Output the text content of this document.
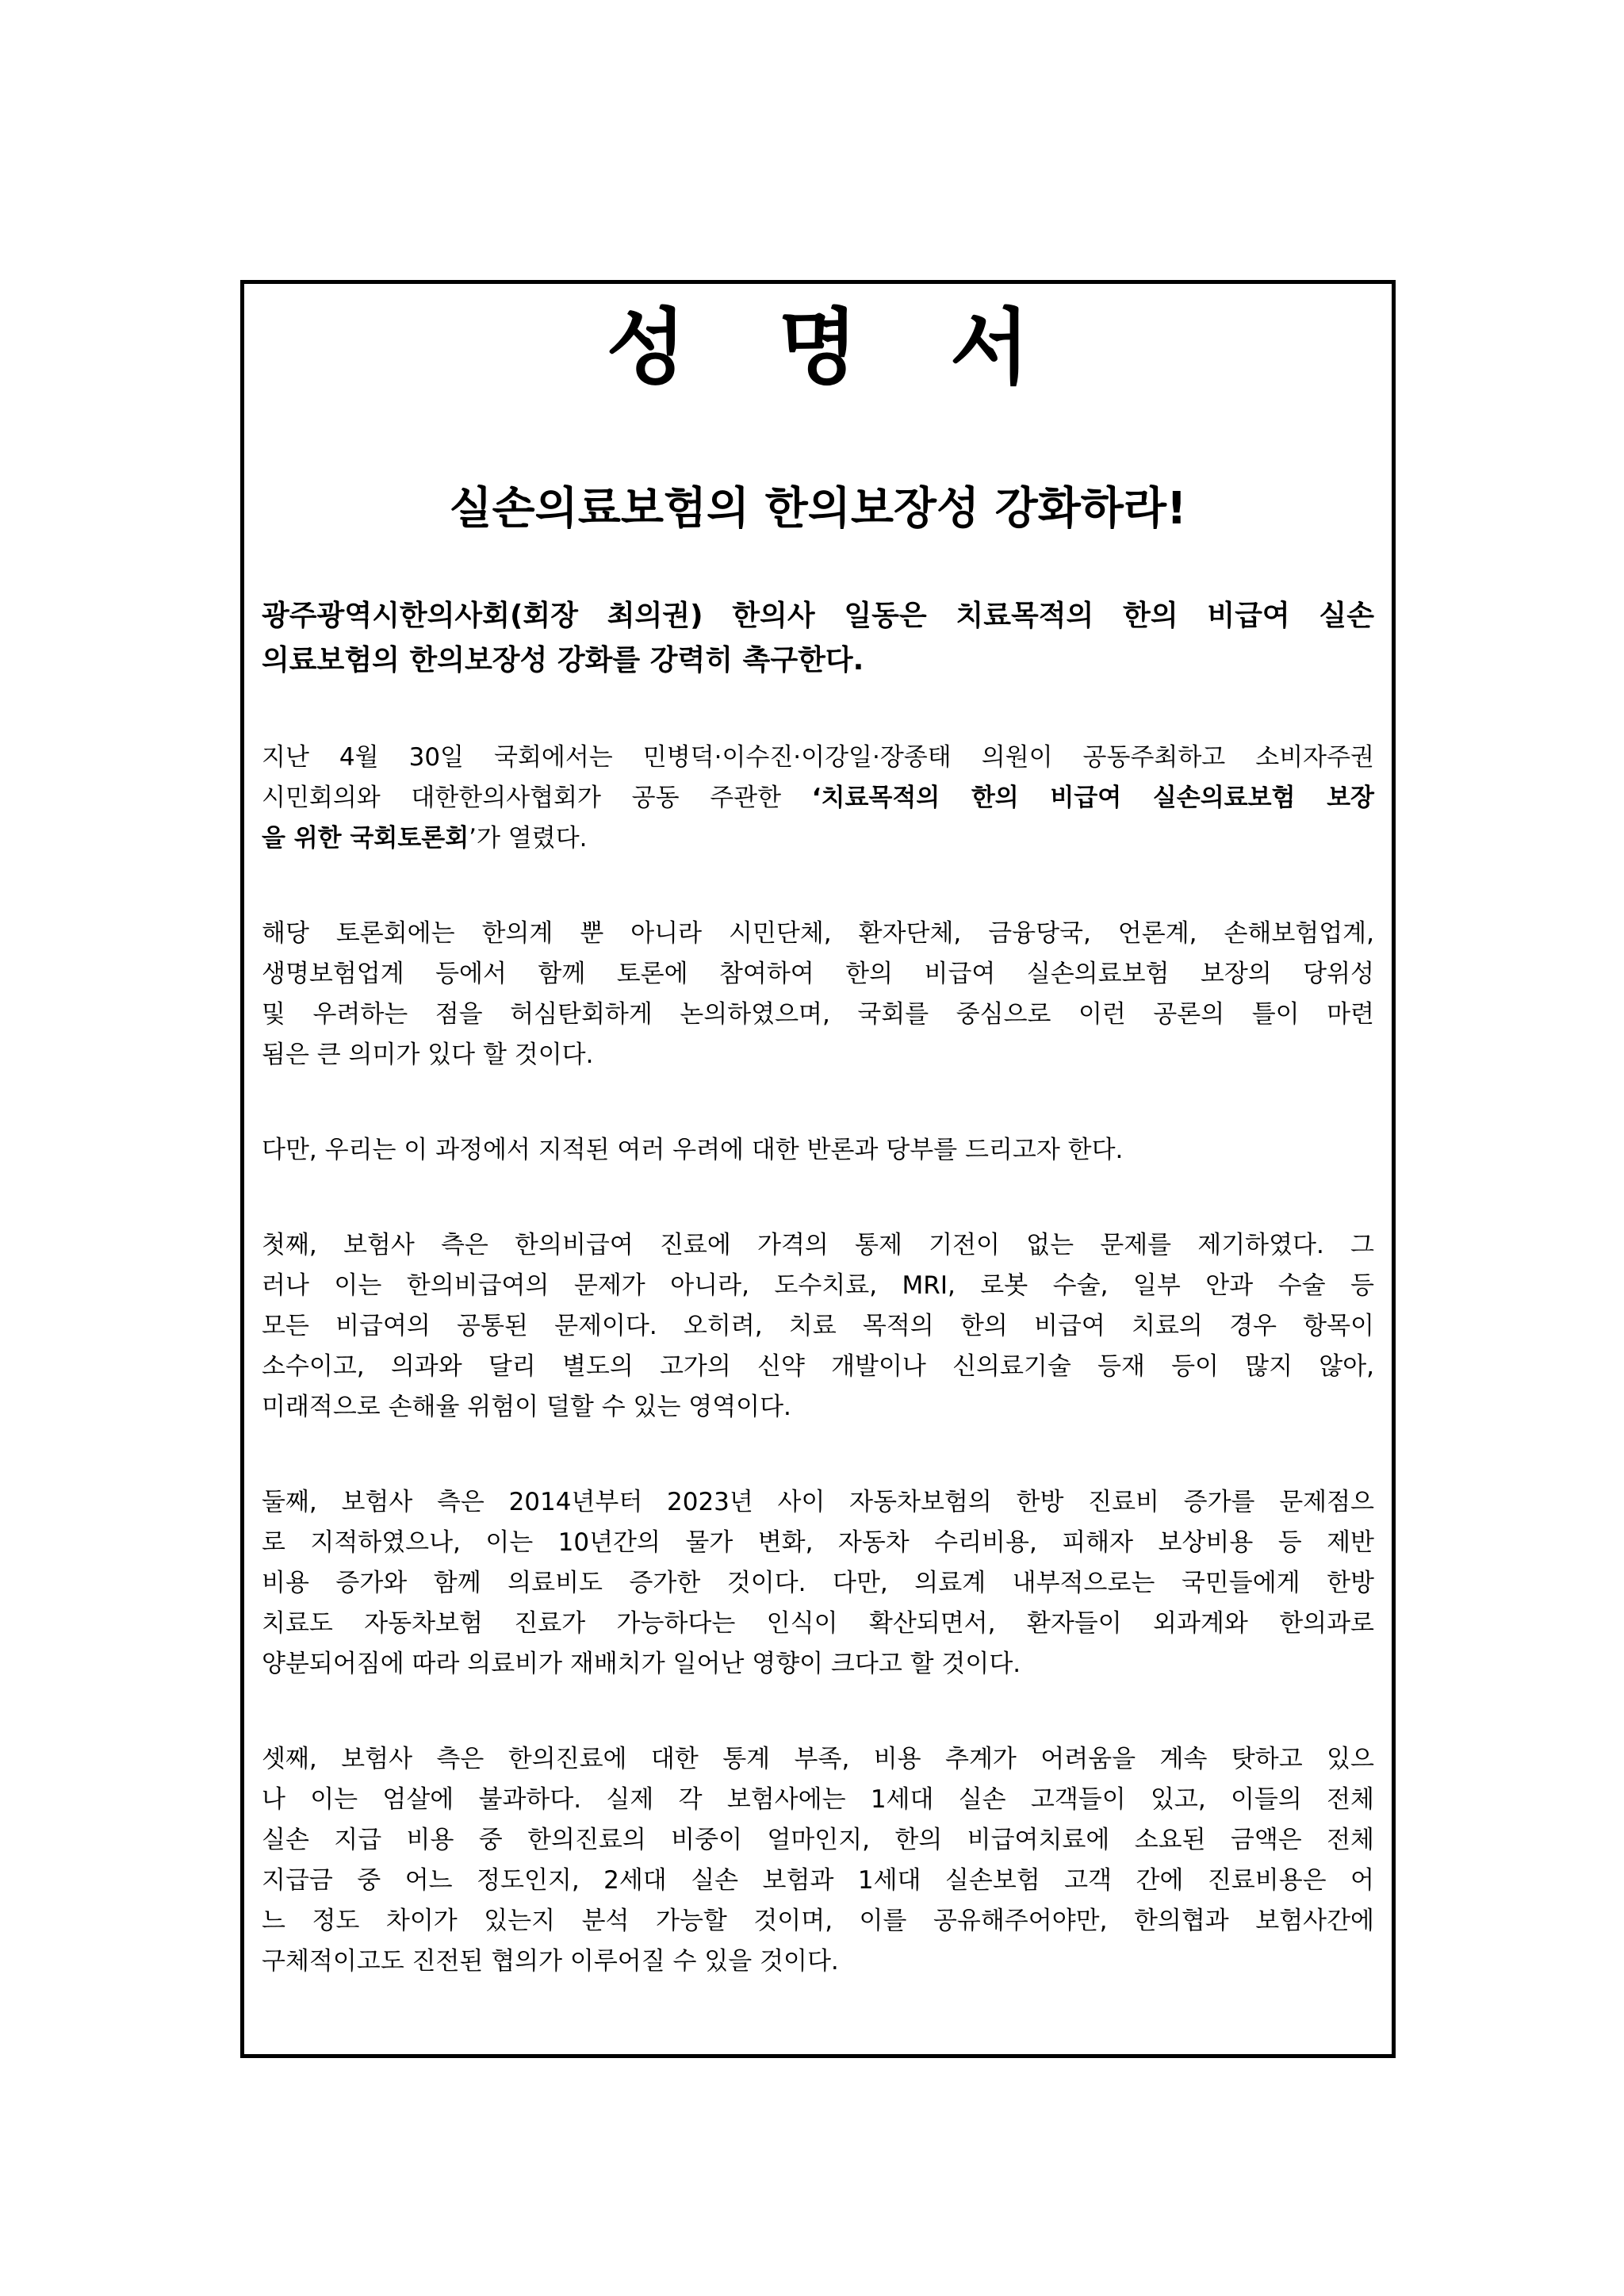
성 명 서
실손의료보험의 한의보장성 강화하라!
광주광역시한의사회(회장 최의권) 한의사 일동은 치료목적의 한의 비급여 실손
의료보험의 한의보장성 강화를 강력히 촉구한다.
지난 4월 30일 국회에서는 민병덕·이수진·이강일·장종태 의원이 공동주최하고 소비자주권
시민회의와 대한한의사협회가 공동 주관한 ‘치료목적의 한의 비급여 실손의료보험 보장
을 위한 국회토론회’가 열렸다.
해당 토론회에는 한의계 뿐 아니라 시민단체, 환자단체, 금융당국, 언론계, 손해보험업계,
생명보험업계 등에서 함께 토론에 참여하여 한의 비급여 실손의료보험 보장의 당위성
및 우려하는 점을 허심탄회하게 논의하였으며, 국회를 중심으로 이런 공론의 틀이 마련
됨은 큰 의미가 있다 할 것이다.
다만, 우리는 이 과정에서 지적된 여러 우려에 대한 반론과 당부를 드리고자 한다.
첫째, 보험사 측은 한의비급여 진료에 가격의 통제 기전이 없는 문제를 제기하였다. 그
러나 이는 한의비급여의 문제가 아니라, 도수치료, MRI, 로봇 수술, 일부 안과 수술 등
모든 비급여의 공통된 문제이다. 오히려, 치료 목적의 한의 비급여 치료의 경우 항목이
소수이고, 의과와 달리 별도의 고가의 신약 개발이나 신의료기술 등재 등이 많지 않아,
미래적으로 손해율 위험이 덜할 수 있는 영역이다.
둘째, 보험사 측은 2014년부터 2023년 사이 자동차보험의 한방 진료비 증가를 문제점으
로 지적하였으나, 이는 10년간의 물가 변화, 자동차 수리비용, 피해자 보상비용 등 제반
비용 증가와 함께 의료비도 증가한 것이다. 다만, 의료계 내부적으로는 국민들에게 한방
치료도 자동차보험 진료가 가능하다는 인식이 확산되면서, 환자들이 외과계와 한의과로
양분되어짐에 따라 의료비가 재배치가 일어난 영향이 크다고 할 것이다.
셋째, 보험사 측은 한의진료에 대한 통계 부족, 비용 추계가 어려움을 계속 탓하고 있으
나 이는 엄살에 불과하다. 실제 각 보험사에는 1세대 실손 고객들이 있고, 이들의 전체
실손 지급 비용 중 한의진료의 비중이 얼마인지, 한의 비급여치료에 소요된 금액은 전체
지급금 중 어느 정도인지, 2세대 실손 보험과 1세대 실손보험 고객 간에 진료비용은 어
느 정도 차이가 있는지 분석 가능할 것이며, 이를 공유해주어야만, 한의협과 보험사간에
구체적이고도 진전된 협의가 이루어질 수 있을 것이다.
